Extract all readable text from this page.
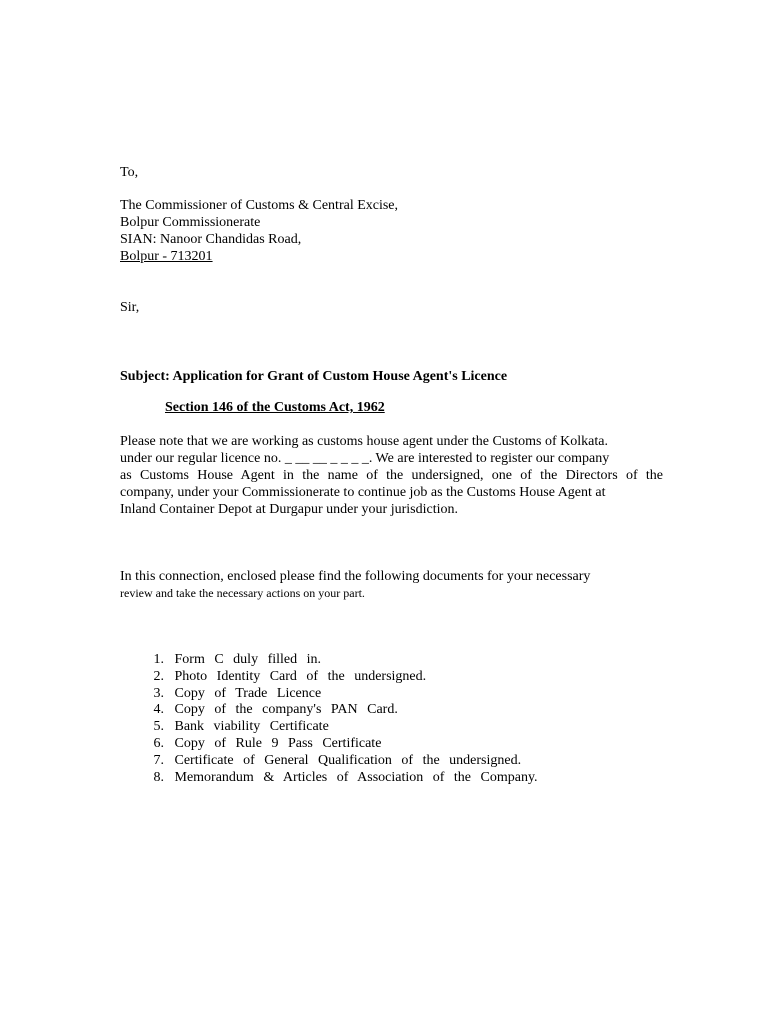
To,
The Commissioner of Customs & Central Excise,
Bolpur Commissionerate
SIAN: Nanoor Chandidas Road,
Bolpur - 713201
Sir,
Subject: Application for Grant of Custom House Agent's Licence
Section 146 of the Customs Act, 1962
Please note that we are working as customs house agent under the Customs of Kolkata.
under our regular licence no. _ __ __ _ _ _ _. We are interested to register our company
as Customs House Agent in the name of the undersigned, one of the Directors of the
company, under your Commissionerate to continue job as the Customs House Agent at
Inland Container Depot at Durgapur under your jurisdiction.
In this connection, enclosed please find the following documents for your necessary
review and take the necessary actions on your part.
1. Form C duly filled in.
2. Photo Identity Card of the undersigned.
3. Copy of Trade Licence
4. Copy of the company's PAN Card.
5. Bank viability Certificate
6. Copy of Rule 9 Pass Certificate
7. Certificate of General Qualification of the undersigned.
8. Memorandum & Articles of Association of the Company.
